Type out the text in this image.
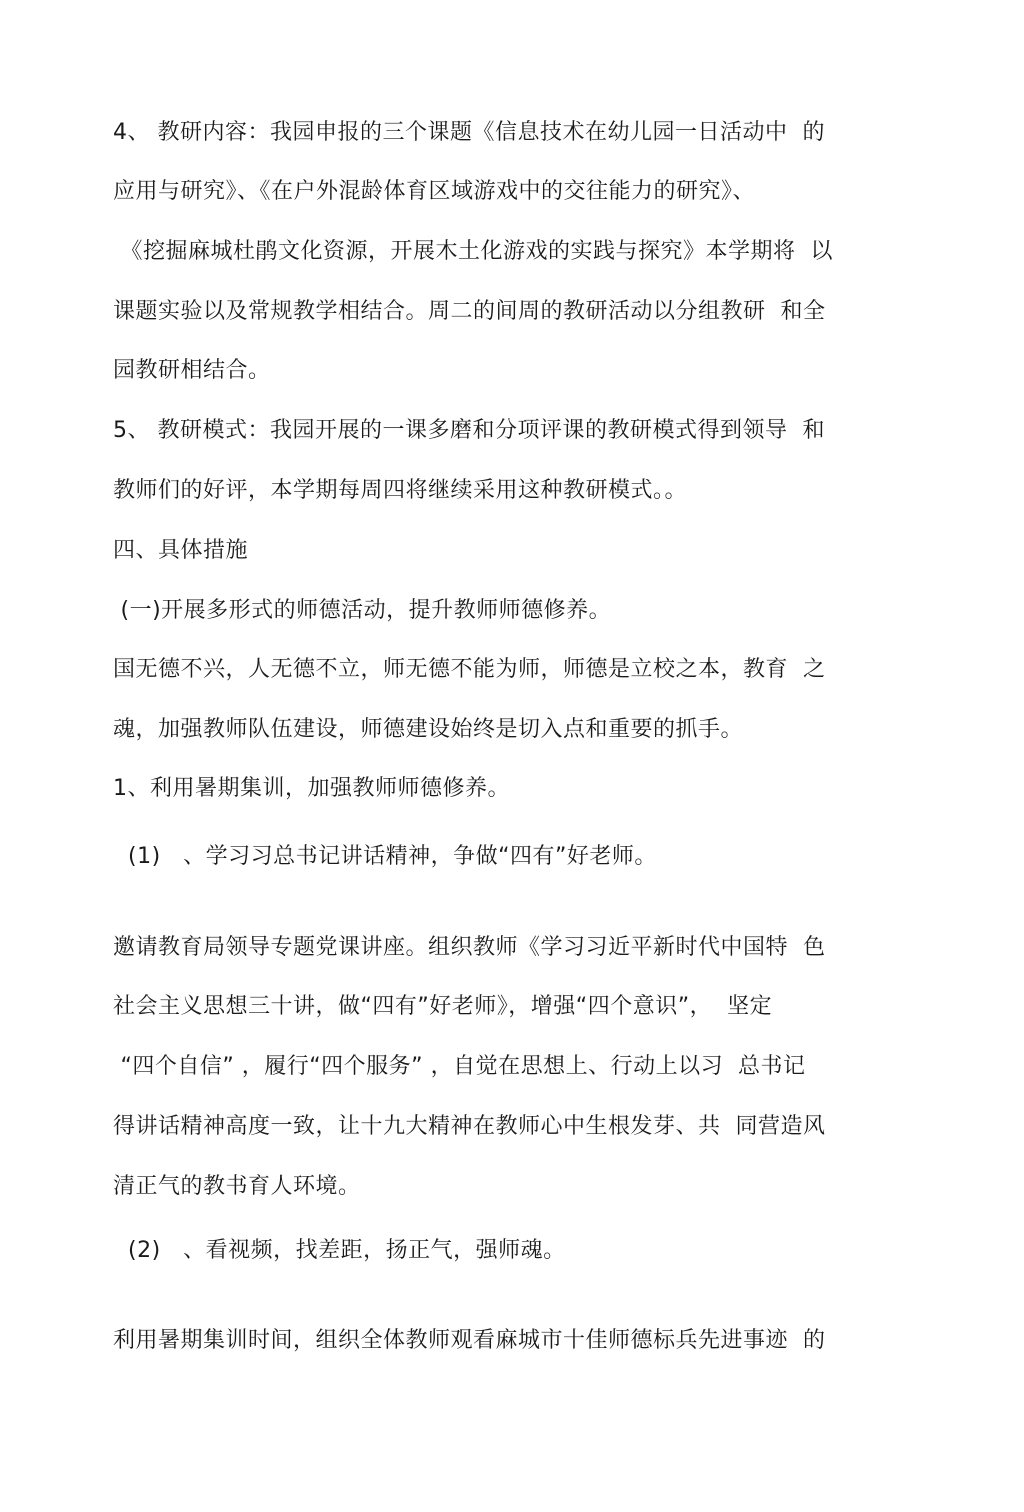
4、 教研内容：我园申报的三个课题《信息技术在幼儿园一日活动中  的
应用与研究》、《在户外混龄体育区域游戏中的交往能力的研究》、
《挖掘麻城杜鹃文化资源，开展木土化游戏的实践与探究》本学期将  以
课题实验以及常规教学相结合。周二的间周的教研活动以分组教研  和全
园教研相结合。
5、 教研模式：我园开展的一课多磨和分项评课的教研模式得到领导  和
教师们的好评，本学期每周四将继续采用这种教研模式。。
四、具体措施
(一)开展多形式的师德活动，提升教师师德修养。
国无德不兴，人无德不立，师无德不能为师，师德是立校之本，教育  之
魂，加强教师队伍建设，师德建设始终是切入点和重要的抓手。
1、利用暑期集训，加强教师师德修养。
(1)   、学习习总书记讲话精神，争做“四有”好老师。
邀请教育局领导专题党课讲座。组织教师《学习习近平新时代中国特  色
社会主义思想三十讲，做“四有”好老师》，增强“四个意识”，  坚定
“四个自信” ，履行“四个服务” ，自觉在思想上、行动上以习  总书记
得讲话精神高度一致，让十九大精神在教师心中生根发芽、共  同营造风
清正气的教书育人环境。
(2)   、看视频，找差距，扬正气，强师魂。
利用暑期集训时间，组织全体教师观看麻城市十佳师德标兵先进事迹  的
